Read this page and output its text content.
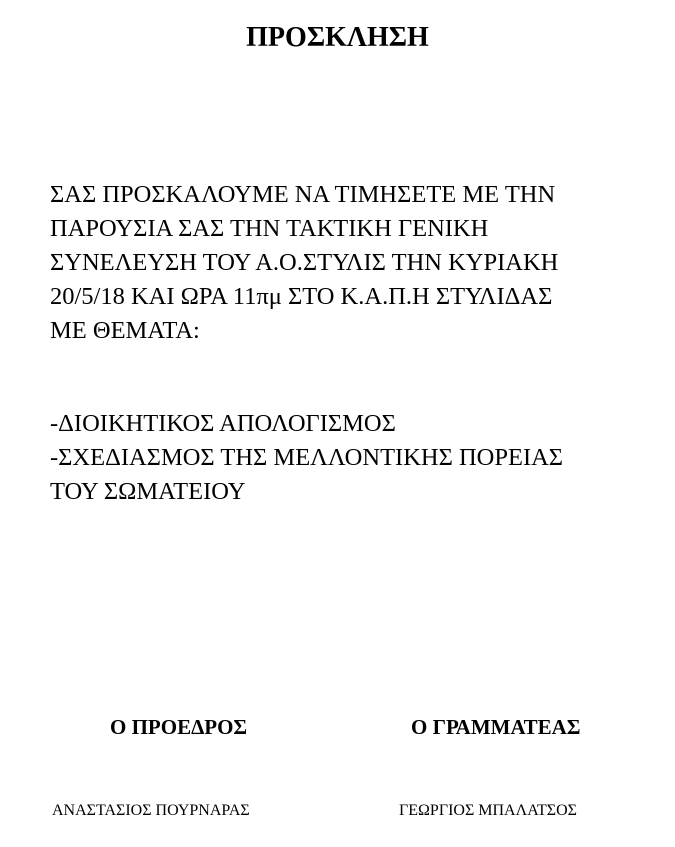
ΠΡΟΣΚΛΗΣΗ
ΣΑΣ ΠΡΟΣΚΑΛΟΥΜΕ ΝΑ ΤΙΜΗΣΕΤΕ ΜΕ ΤΗΝ
ΠΑΡΟΥΣΙΑ ΣΑΣ ΤΗΝ ΤΑΚΤΙΚΗ ΓΕΝΙΚΗ
ΣΥΝΕΛΕΥΣΗ ΤΟΥ Α.Ο.ΣΤΥΛΙΣ ΤΗΝ ΚΥΡΙΑΚΗ
20/5/18 ΚΑΙ ΩΡΑ 11πμ ΣΤΟ Κ.Α.Π.Η ΣΤΥΛΙΔΑΣ
ΜΕ ΘΕΜΑΤΑ:
-ΔΙΟΙΚΗΤΙΚΟΣ ΑΠΟΛΟΓΙΣΜΟΣ
-ΣΧΕΔΙΑΣΜΟΣ ΤΗΣ ΜΕΛΛΟΝΤΙΚΗΣ ΠΟΡΕΙΑΣ
ΤΟΥ ΣΩΜΑΤΕΙΟΥ
Ο ΠΡΟΕΔΡΟΣ	Ο ΓΡΑΜΜΑΤΕΑΣ
ΑΝΑΣΤΑΣΙΟΣ ΠΟΥΡΝΑΡΑΣ	ΓΕΩΡΓΙΟΣ ΜΠΑΛΑΤΣΟΣ
